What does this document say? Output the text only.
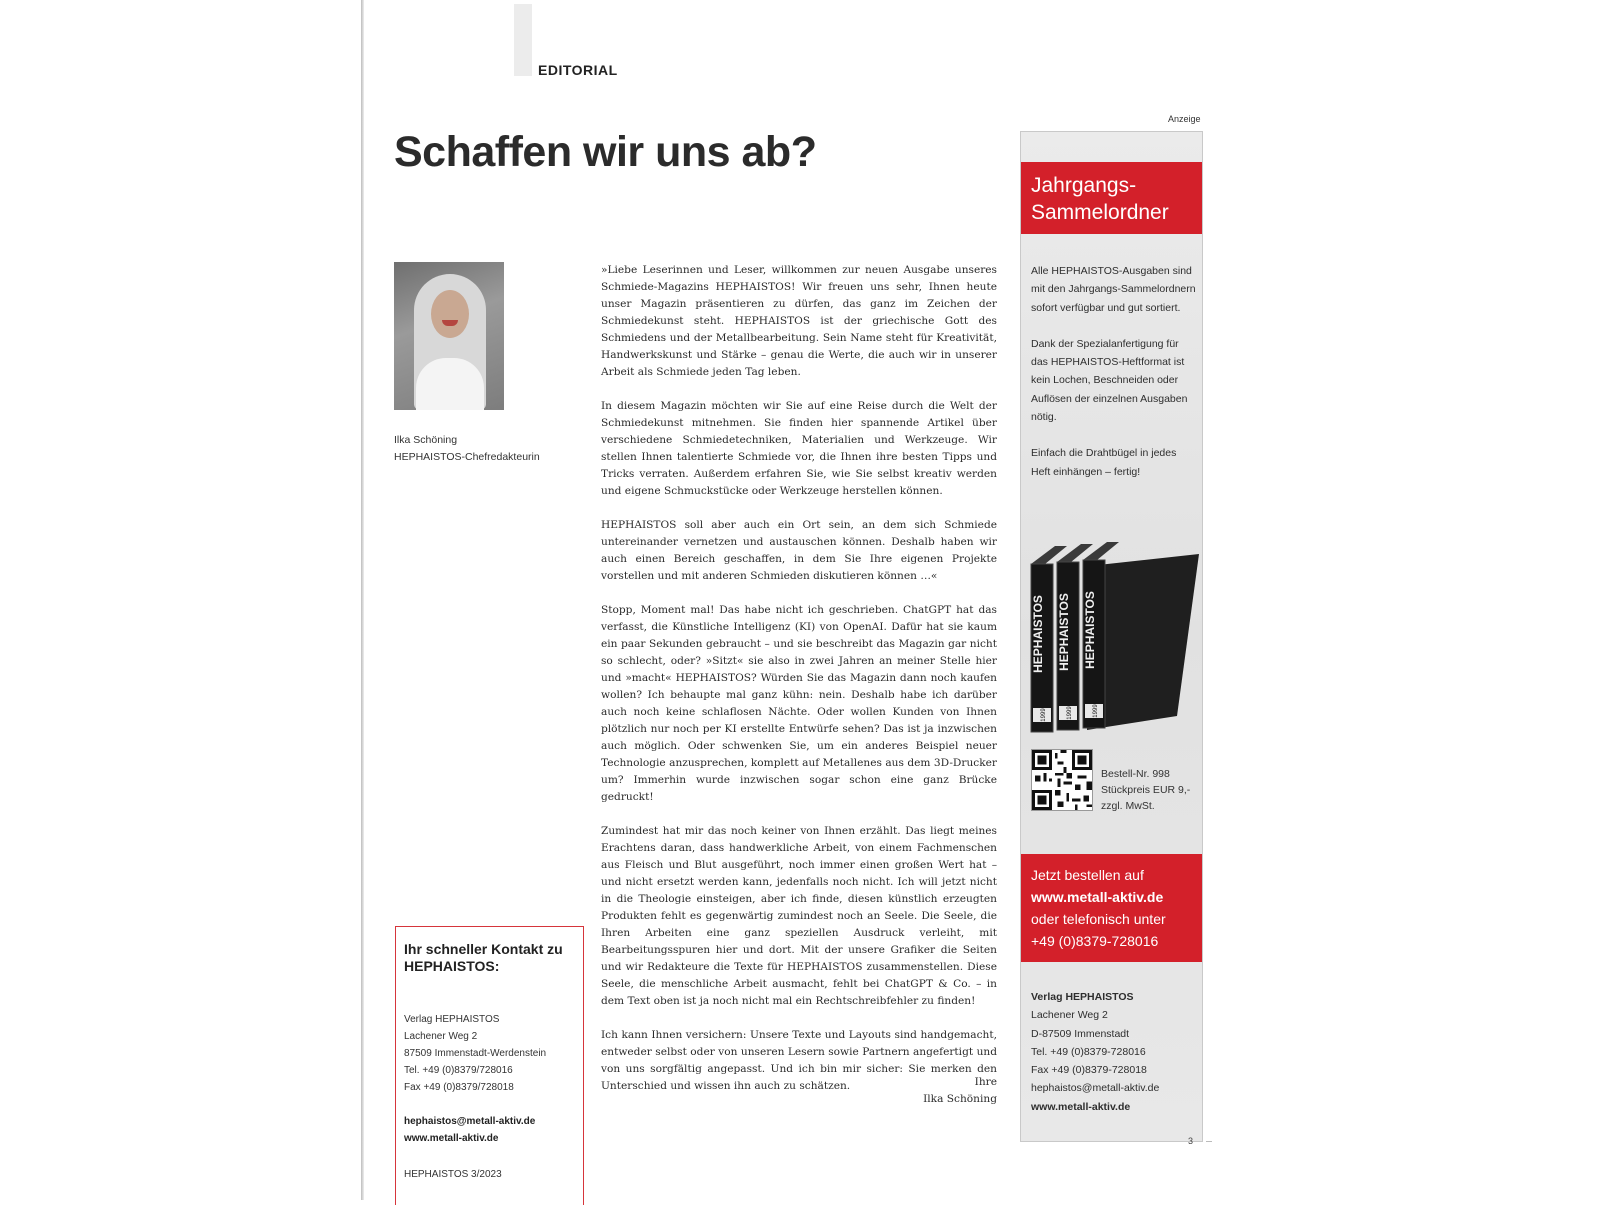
EDITORIAL
Schaffen wir uns ab?
Ilka Schöning
HEPHAISTOS-Chefredakteurin

»Liebe Leserinnen und Leser, willkommen zur neuen Ausgabe unseres Schmiede-Magazins HEPHAISTOS! Wir freuen uns sehr, Ihnen heute unser Magazin präsentieren zu dürfen, das ganz im Zeichen der Schmiedekunst steht. HEPHAISTOS ist der griechische Gott des Schmiedens und der Metallbearbeitung. Sein Name steht für Kreativität, Handwerkskunst und Stärke – genau die Werte, die auch wir in unserer Arbeit als Schmiede jeden Tag leben.

In diesem Magazin möchten wir Sie auf eine Reise durch die Welt der Schmiedekunst mitnehmen. Sie finden hier spannende Artikel über verschiedene Schmiedetechniken, Materialien und Werkzeuge. Wir stellen Ihnen talentierte Schmiede vor, die Ihnen ihre besten Tipps und Tricks verraten. Außerdem erfahren Sie, wie Sie selbst kreativ werden und eigene Schmuckstücke oder Werkzeuge herstellen können.

HEPHAISTOS soll aber auch ein Ort sein, an dem sich Schmiede untereinander vernetzen und austauschen können. Deshalb haben wir auch einen Bereich geschaffen, in dem Sie Ihre eigenen Projekte vorstellen und mit anderen Schmieden diskutieren können …«

Stopp, Moment mal! Das habe nicht ich geschrieben. ChatGPT hat das verfasst, die Künstliche Intelligenz (KI) von OpenAI. Dafür hat sie kaum ein paar Sekunden gebraucht – und sie beschreibt das Magazin gar nicht so schlecht, oder? »Sitzt« sie also in zwei Jahren an meiner Stelle hier und »macht« HEPHAISTOS? Würden Sie das Magazin dann noch kaufen wollen? Ich behaupte mal ganz kühn: nein. Deshalb habe ich darüber auch noch keine schlaflosen Nächte. Oder wollen Kunden von Ihnen plötzlich nur noch per KI erstellte Entwürfe sehen? Das ist ja inzwischen auch möglich. Oder schwenken Sie, um ein anderes Beispiel neuer Technologie anzusprechen, komplett auf Metallenes aus dem 3D-Drucker um? Immerhin wurde inzwischen sogar schon eine ganz Brücke gedruckt!

Zumindest hat mir das noch keiner von Ihnen erzählt. Das liegt meines Erachtens daran, dass handwerkliche Arbeit, von einem Fachmenschen aus Fleisch und Blut ausgeführt, noch immer einen großen Wert hat – und nicht ersetzt werden kann, jedenfalls noch nicht. Ich will jetzt nicht in die Theologie einsteigen, aber ich finde, diesen künstlich erzeugten Produkten fehlt es gegenwärtig zumindest noch an Seele. Die Seele, die Ihren Arbeiten eine ganz speziellen Ausdruck verleiht, mit Bearbeitungsspuren hier und dort. Mit der unsere Grafiker die Seiten und wir Redakteure die Texte für HEPHAISTOS zusammenstellen. Diese Seele, die menschliche Arbeit ausmacht, fehlt bei ChatGPT & Co. – in dem Text oben ist ja noch nicht mal ein Rechtschreibfehler zu finden!

Ich kann Ihnen versichern: Unsere Texte und Layouts sind handgemacht, entweder selbst oder von unseren Lesern sowie Partnern angefertigt und von uns sorgfältig angepasst. Und ich bin mir sicher: Sie merken den Unterschied und wissen ihn auch zu schätzen.	Ihre
Ilka Schöning
Ihr schneller Kontakt zu HEPHAISTOS:
Verlag HEPHAISTOS
Lachener Weg 2
87509 Immenstadt-Werdenstein
Tel. +49 (0)8379/728016
Fax +49 (0)8379/728018
hephaistos@metall-aktiv.de
www.metall-aktiv.de
HEPHAISTOS 3/2023
Anzeige
Jahrgangs-Sammelordner

Alle HEPHAISTOS-Ausgaben sind mit den Jahrgangs-Sammelordnern sofort verfügbar und gut sortiert.

Dank der Spezialanfertigung für das HEPHAISTOS-Heftformat ist kein Lochen, Beschneiden oder Auflösen der einzelnen Ausgaben nötig.

Einfach die Drahtbügel in jedes Heft einhängen – fertig!

1999
HEPHAISTOS
1999
HEPHAISTOS
1999
HEPHAISTOS
Bestell-Nr. 998
Stückpreis EUR 9,-
zzgl. MwSt.
Jetzt bestellen auf
www.metall-aktiv.de
oder telefonisch unter
+49 (0)8379-728016
Verlag HEPHAISTOS
Lachener Weg 2
D-87509 Immenstadt
Tel. +49 (0)8379-728016
Fax +49 (0)8379-728018
hephaistos@metall-aktiv.de
www.metall-aktiv.de
3
